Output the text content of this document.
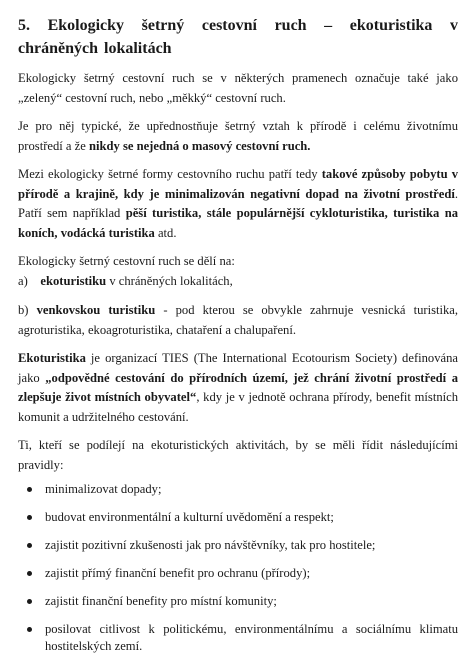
5. Ekologicky šetrný cestovní ruch – ekoturistika v chráněných lokalitách

Ekologicky šetrný cestovní ruch se v některých pramenech označuje také jako „zelený“ cestovní ruch, nebo „měkký“ cestovní ruch.

Je pro něj typické, že upřednostňuje šetrný vztah k přírodě i celému životnímu prostředí a že nikdy se nejedná o masový cestovní ruch.

Mezi ekologicky šetrné formy cestovního ruchu patří tedy takové způsoby pobytu v přírodě a krajině, kdy je minimalizován negativní dopad na životní prostředí. Patří sem například pěší turistika, stále populárnější cykloturistika, turistika na koních, vodácká turistika atd.

Ekologicky šetrný cestovní ruch se dělí na:

a)    ekoturistiku v chráněných lokalitách,

b) venkovskou turistiku - pod kterou se obvykle zahrnuje vesnická turistika, agroturistika, ekoagroturistika, chataření a chalupaření.

Ekoturistika je organizací TIES (The International Ecotourism Society) definována jako „odpovědné cestování do přírodních území, jež chrání životní prostředí a zlepšuje život místních obyvatel“, kdy je v jednotě ochrana přírody, benefit místních komunit a udržitelného cestování.

Ti, kteří se podílejí na ekoturistických aktivitách, by se měli řídit následujícími pravidly:

minimalizovat dopady;
budovat environmentální a kulturní uvědomění a respekt;
zajistit pozitivní zkušenosti jak pro návštěvníky, tak pro hostitele;
zajistit přímý finanční benefit pro ochranu (přírody);
zajistit finanční benefity pro místní komunity;
posilovat citlivost k politickému, environmentálnímu a sociálnímu klimatu hostitelských zemí.
